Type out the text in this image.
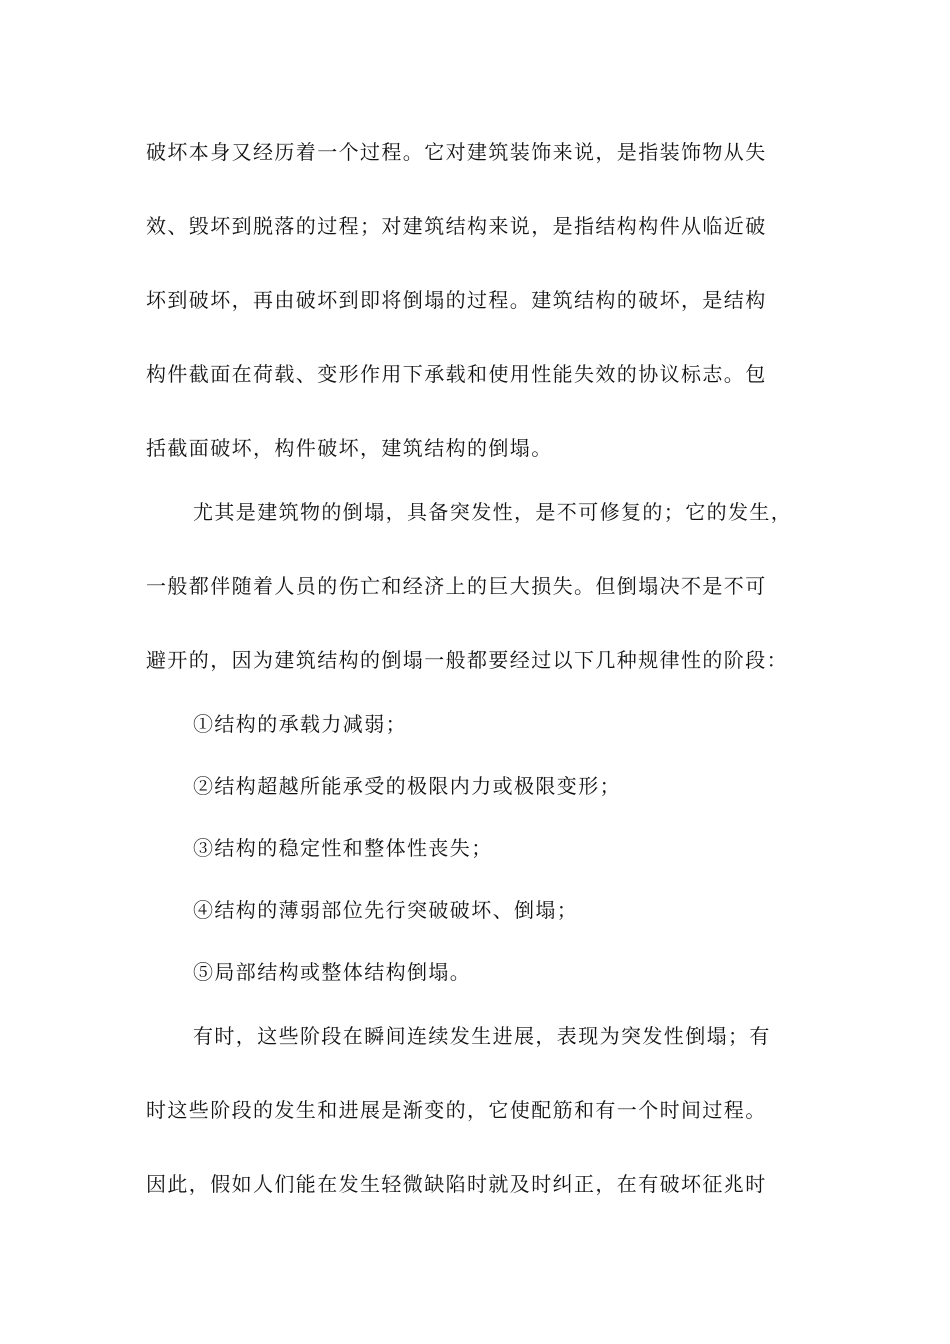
破坏本身又经历着一个过程。它对建筑装饰来说，是指装饰物从失
效、毁坏到脱落的过程；对建筑结构来说，是指结构构件从临近破
坏到破坏，再由破坏到即将倒塌的过程。建筑结构的破坏，是结构
构件截面在荷载、变形作用下承载和使用性能失效的协议标志。包
括截面破坏，构件破坏，建筑结构的倒塌。
尤其是建筑物的倒塌，具备突发性，是不可修复的；它的发生，
一般都伴随着人员的伤亡和经济上的巨大损失。但倒塌决不是不可
避开的，因为建筑结构的倒塌一般都要经过以下几种规律性的阶段：
①结构的承载力减弱；
②结构超越所能承受的极限内力或极限变形；
③结构的稳定性和整体性丧失；
④结构的薄弱部位先行突破破坏、倒塌；
⑤局部结构或整体结构倒塌。
有时，这些阶段在瞬间连续发生进展，表现为突发性倒塌；有
时这些阶段的发生和进展是渐变的，它使配筋和有一个时间过程。
因此，假如人们能在发生轻微缺陷时就及时纠正，在有破坏征兆时
